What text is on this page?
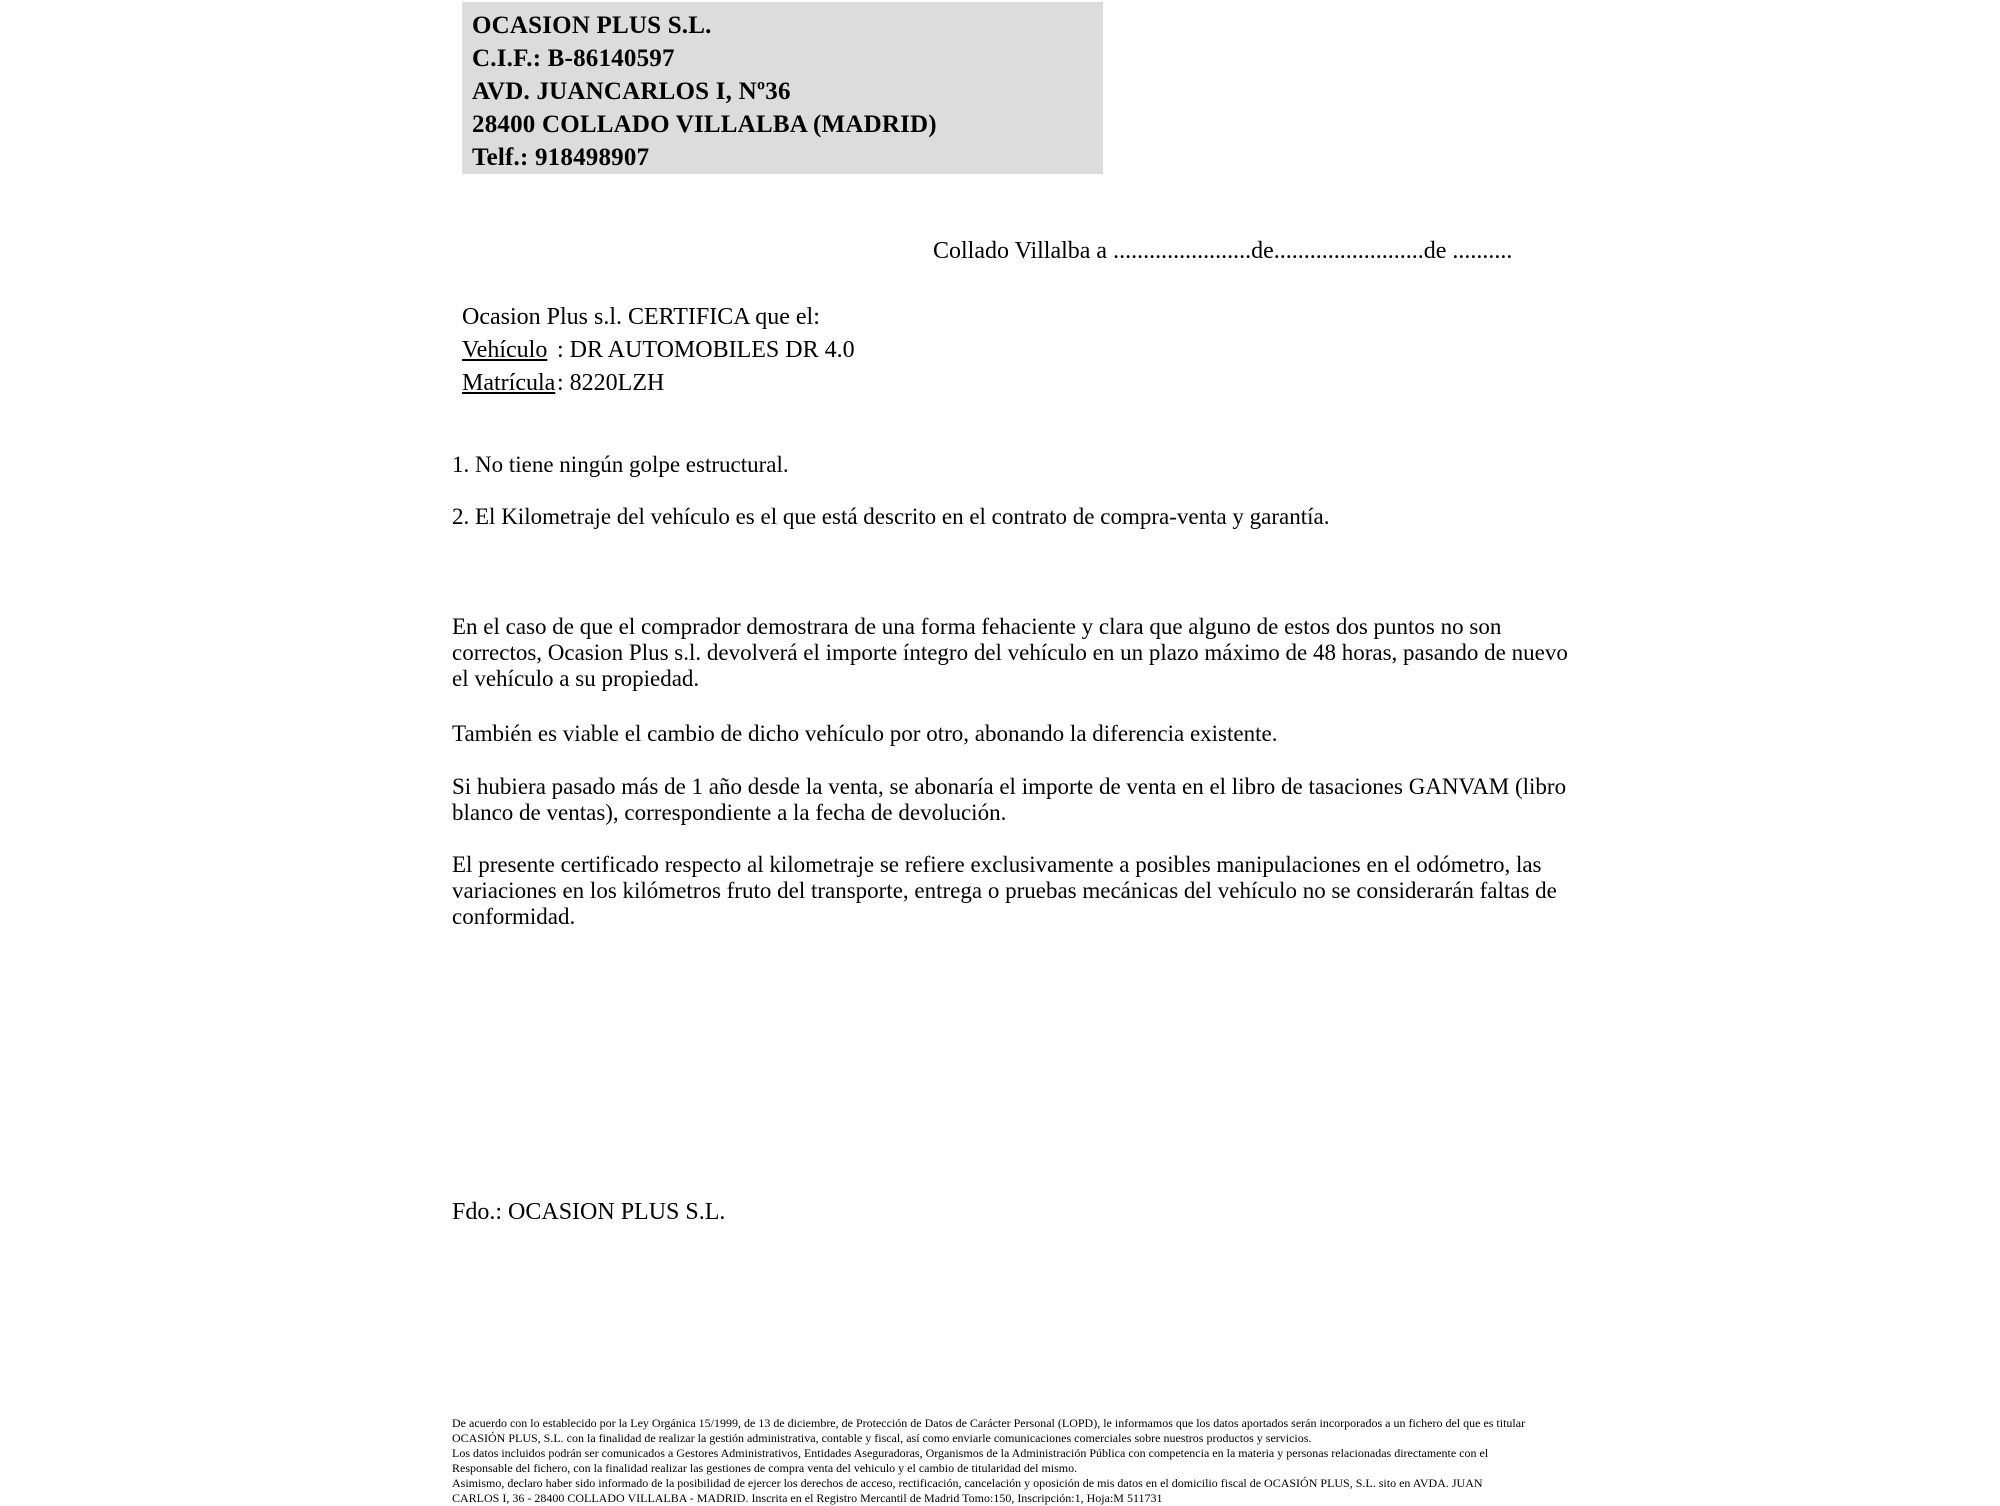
OCASION PLUS S.L.
C.I.F.: B-86140597
AVD. JUANCARLOS I, Nº36
28400 COLLADO VILLALBA (MADRID)
Telf.: 918498907
Collado Villalba a .......................de.........................de ..........
Ocasion Plus s.l. CERTIFICA que el:
Vehículo : DR AUTOMOBILES DR 4.0
Matrícula: 8220LZH
1. No tiene ningún golpe estructural.
2. El Kilometraje del vehículo es el que está descrito en el contrato de compra-venta y garantía.
En el caso de que el comprador demostrara de una forma fehaciente y clara que alguno de estos dos puntos no son correctos, Ocasion Plus s.l. devolverá el importe íntegro del vehículo en un plazo máximo de 48 horas, pasando de nuevo el vehículo a su propiedad.
También es viable el cambio de dicho vehículo por otro, abonando la diferencia existente.
Si hubiera pasado más de 1 año desde la venta, se abonaría el importe de venta en el libro de tasaciones GANVAM (libro blanco de ventas), correspondiente a la fecha de devolución.
El presente certificado respecto al kilometraje se refiere exclusivamente a posibles manipulaciones en el odómetro, las variaciones en los kilómetros fruto del transporte, entrega o pruebas mecánicas del vehículo no se considerarán faltas de conformidad.
Fdo.: OCASION PLUS S.L.
De acuerdo con lo establecido por la Ley Orgánica 15/1999, de 13 de diciembre, de Protección de Datos de Carácter Personal (LOPD), le informamos que los datos aportados serán incorporados a un fichero del que es titular
OCASIÓN PLUS, S.L. con la finalidad de realizar la gestión administrativa, contable y fiscal, así como enviarle comunicaciones comerciales sobre nuestros productos y servicios.
Los datos incluidos podrán ser comunicados a Gestores Administrativos, Entidades Aseguradoras, Organismos de la Administración Pública con competencia en la materia y personas relacionadas directamente con el
Responsable del fichero, con la finalidad realizar las gestiones de compra venta del vehiculo y el cambio de titularidad del mismo.
Asimismo, declaro haber sido informado de la posibilidad de ejercer los derechos de acceso, rectificación, cancelación y oposición de mis datos en el domicilio fiscal de OCASIÓN PLUS, S.L. sito en AVDA. JUAN
CARLOS I, 36 - 28400 COLLADO VILLALBA - MADRID. Inscrita en el Registro Mercantil de Madrid Tomo:150, Inscripción:1, Hoja:M 511731
